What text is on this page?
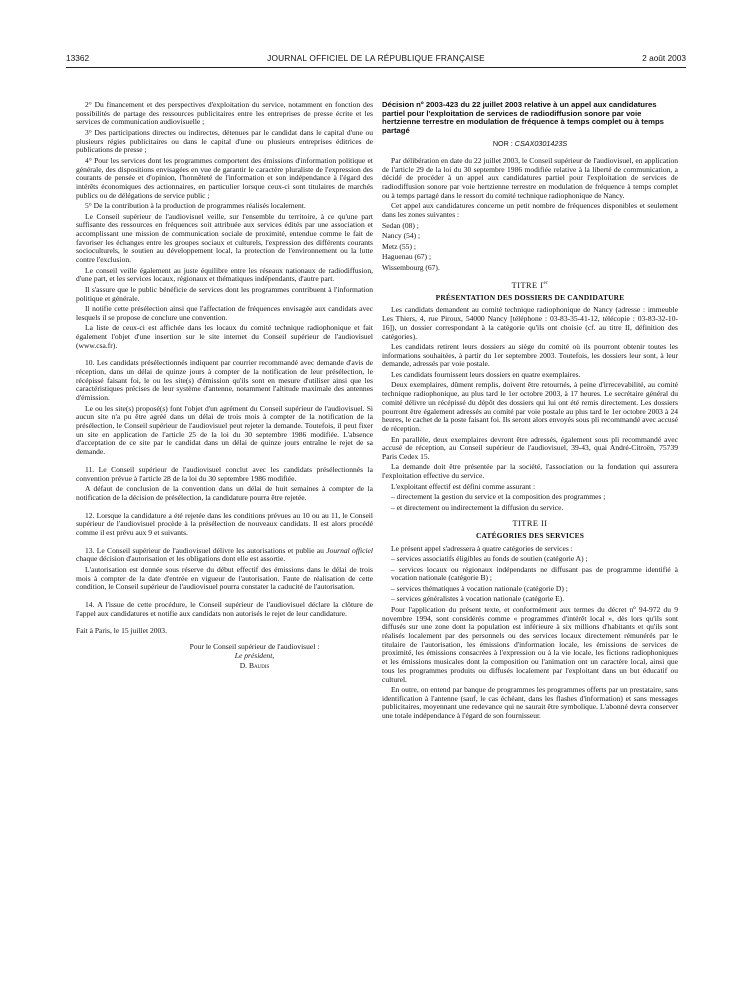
13362	JOURNAL OFFICIEL DE LA RÉPUBLIQUE FRANÇAISE	2 août 2003

2° Du financement et des perspectives d'exploitation du service, notamment en fonction des possibilités de partage des ressources publicitaires entre les entreprises de presse écrite et les services de communication audiovisuelle ;

3° Des participations directes ou indirectes, détenues par le candidat dans le capital d'une ou plusieurs régies publicitaires ou dans le capital d'une ou plusieurs entreprises éditrices de publications de presse ;

4° Pour les services dont les programmes comportent des émissions d'information politique et générale, des dispositions envisagées en vue de garantir le caractère pluraliste de l'expression des courants de pensée et d'opinion, l'honnêteté de l'information et son indépendance à l'égard des intérêts économiques des actionnaires, en particulier lorsque ceux-ci sont titulaires de marchés publics ou de délégations de service public ;

5° De la contribution à la production de programmes réalisés localement.

Le Conseil supérieur de l'audiovisuel veille, sur l'ensemble du territoire, à ce qu'une part suffisante des ressources en fréquences soit attribuée aux services édités par une association et accomplissant une mission de communication sociale de proximité, entendue comme le fait de favoriser les échanges entre les groupes sociaux et culturels, l'expression des différents courants socioculturels, le soutien au développement local, la protection de l'environnement ou la lutte contre l'exclusion.

Le conseil veille également au juste équilibre entre les réseaux nationaux de radiodiffusion, d'une part, et les services locaux, régionaux et thématiques indépendants, d'autre part.

Il s'assure que le public bénéficie de services dont les programmes contribuent à l'information politique et générale.

Il notifie cette présélection ainsi que l'affectation de fréquences envisagée aux candidats avec lesquels il se propose de conclure une convention.

La liste de ceux-ci est affichée dans les locaux du comité technique radiophonique et fait également l'objet d'une insertion sur le site internet du Conseil supérieur de l'audiovisuel (www.csa.fr).

10. Les candidats présélectionnés indiquent par courrier recommandé avec demande d'avis de réception, dans un délai de quinze jours à compter de la notification de leur présélection, le récépissé faisant foi, le ou les site(s) d'émission qu'ils sont en mesure d'utiliser ainsi que les caractéristiques précises de leur système d'antenne, notamment l'altitude maximale des antennes d'émission.

Le ou les site(s) proposé(s) font l'objet d'un agrément du Conseil supérieur de l'audiovisuel. Si aucun site n'a pu être agréé dans un délai de trois mois à compter de la notification de la présélection, le Conseil supérieur de l'audiovisuel peut rejeter la demande. Toutefois, il peut fixer un site en application de l'article 25 de la loi du 30 septembre 1986 modifiée. L'absence d'acceptation de ce site par le candidat dans un délai de quinze jours entraîne le rejet de sa demande.

11. Le Conseil supérieur de l'audiovisuel conclut avec les candidats présélectionnés la convention prévue à l'article 28 de la loi du 30 septembre 1986 modifiée.

A défaut de conclusion de la convention dans un délai de huit semaines à compter de la notification de la décision de présélection, la candidature pourra être rejetée.

12. Lorsque la candidature a été rejetée dans les conditions prévues au 10 ou au 11, le Conseil supérieur de l'audiovisuel procède à la présélection de nouveaux candidats. Il est alors procédé comme il est prévu aux 9 et suivants.

13. Le Conseil supérieur de l'audiovisuel délivre les autorisations et publie au Journal officiel chaque décision d'autorisation et les obligations dont elle est assortie.

L'autorisation est donnée sous réserve du début effectif des émissions dans le délai de trois mois à compter de la date d'entrée en vigueur de l'autorisation. Faute de réalisation de cette condition, le Conseil supérieur de l'audiovisuel pourra constater la caducité de l'autorisation.

14. A l'issue de cette procédure, le Conseil supérieur de l'audiovisuel déclare la clôture de l'appel aux candidatures et notifie aux candidats non autorisés le rejet de leur candidature.

Fait à Paris, le 15 juillet 2003.

Pour le Conseil supérieur de l'audiovisuel :
Le président,
D. Baudis
Décision nº 2003-423 du 22 juillet 2003 relative à un appel aux candidatures partiel pour l'exploitation de services de radiodiffusion sonore par voie hertzienne terrestre en modulation de fréquence à temps complet ou à temps partagé
NOR : CSAX0301423S

Par délibération en date du 22 juillet 2003, le Conseil supérieur de l'audiovisuel, en application de l'article 29 de la loi du 30 septembre 1986 modifiée relative à la liberté de communication, a décidé de procéder à un appel aux candidatures partiel pour l'exploitation de services de radiodiffusion sonore par voie hertzienne terrestre en modulation de fréquence à temps complet ou à temps partagé dans le ressort du comité technique radiophonique de Nancy.

Cet appel aux candidatures concerne un petit nombre de fréquences disponibles et seulement dans les zones suivantes :

Sedan (08) ;

Nancy (54) ;

Metz (55) ;

Haguenau (67) ;

Wissembourg (67).

TITRE Ier
PRÉSENTATION DES DOSSIERS DE CANDIDATURE

Les candidats demandent au comité technique radiophonique de Nancy (adresse : immeuble Les Thiers, 4, rue Piroux, 54000 Nancy [téléphone : 03-83-35-41-12, télécopie : 03-83-32-10-16]), un dossier correspondant à la catégorie qu'ils ont choisie (cf. au titre II, définition des catégories).

Les candidats retirent leurs dossiers au siège du comité où ils pourront obtenir toutes les informations souhaitées, à partir du 1er septembre 2003. Toutefois, les dossiers leur sont, à leur demande, adressés par voie postale.

Les candidats fournissent leurs dossiers en quatre exemplaires.

Deux exemplaires, dûment remplis, doivent être retournés, à peine d'irrecevabilité, au comité technique radiophonique, au plus tard le 1er octobre 2003, à 17 heures. Le secrétaire général du comité délivre un récépissé du dépôt des dossiers qui lui ont été remis directement. Les dossiers pourront être également adressés au comité par voie postale au plus tard le 1er octobre 2003 à 24 heures, le cachet de la poste faisant foi. Ils seront alors envoyés sous pli recommandé avec accusé de réception.

En parallèle, deux exemplaires devront être adressés, également sous pli recommandé avec accusé de réception, au Conseil supérieur de l'audiovisuel, 39-43, quai André-Citroën, 75739 Paris Cedex 15.

La demande doit être présentée par la société, l'association ou la fondation qui assurera l'exploitation effective du service.

L'exploitant effectif est défini comme assurant :

– directement la gestion du service et la composition des programmes ;

– et directement ou indirectement la diffusion du service.

TITRE II
CATÉGORIES DES SERVICES

Le présent appel s'adressera à quatre catégories de services :

– services associatifs éligibles au fonds de soutien (catégorie A) ;

– services locaux ou régionaux indépendants ne diffusant pas de programme identifié à vocation nationale (catégorie B) ;

– services thématiques à vocation nationale (catégorie D) ;

– services généralistes à vocation nationale (catégorie E).

Pour l'application du présent texte, et conformément aux termes du décret nº 94-972 du 9 novembre 1994, sont considérés comme « programmes d'intérêt local », dès lors qu'ils sont diffusés sur une zone dont la population est inférieure à six millions d'habitants et qu'ils sont réalisés localement par des personnels ou des services locaux directement rémunérés par le titulaire de l'autorisation, les émissions d'information locale, les émissions de services de proximité, les émissions consacrées à l'expression ou à la vie locale, les fictions radiophoniques et les émissions musicales dont la composition ou l'animation ont un caractère local, ainsi que tous les programmes produits ou diffusés localement par l'exploitant dans un but éducatif ou culturel.

En outre, on entend par banque de programmes les programmes offerts par un prestataire, sans identification à l'antenne (sauf, le cas échéant, dans les flashes d'information) et sans messages publicitaires, moyennant une redevance qui ne saurait être symbolique. L'abonné devra conserver une totale indépendance à l'égard de son fournisseur.
